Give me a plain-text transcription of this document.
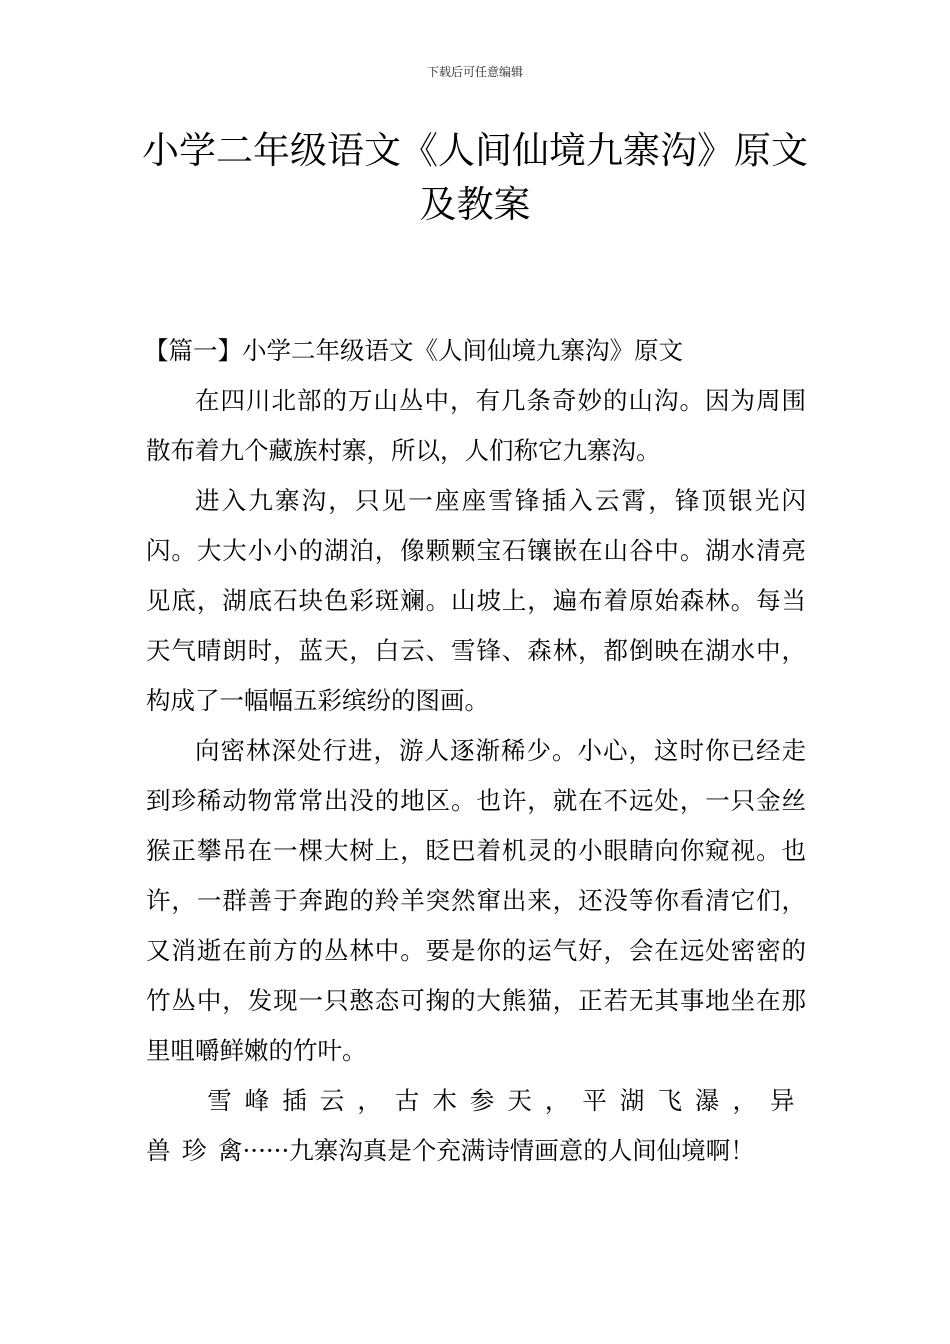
下载后可任意编辑
小学二年级语文《人间仙境九寨沟》原文及教案

【篇一】小学二年级语文《人间仙境九寨沟》原文

在四川北部的万山丛中，有几条奇妙的山沟。因为周围散布着九个藏族村寨，所以，人们称它九寨沟。

进入九寨沟，只见一座座雪锋插入云霄，锋顶银光闪闪。大大小小的湖泊，像颗颗宝石镶嵌在山谷中。湖水清亮见底，湖底石块色彩斑斓。山坡上，遍布着原始森林。每当天气晴朗时，蓝天，白云、雪锋、森林，都倒映在湖水中，构成了一幅幅五彩缤纷的图画。

向密林深处行进，游人逐渐稀少。小心，这时你已经走到珍稀动物常常出没的地区。也许，就在不远处，一只金丝猴正攀吊在一棵大树上，眨巴着机灵的小眼睛向你窥视。也许，一群善于奔跑的羚羊突然窜出来，还没等你看清它们，又消逝在前方的丛林中。要是你的运气好，会在远处密密的竹丛中，发现一只憨态可掬的大熊猫，正若无其事地坐在那里咀嚼鲜嫩的竹叶。

雪峰插云，古木参天，平湖飞瀑，异兽珍禽······九寨沟真是个充满诗情画意的人间仙境啊！
